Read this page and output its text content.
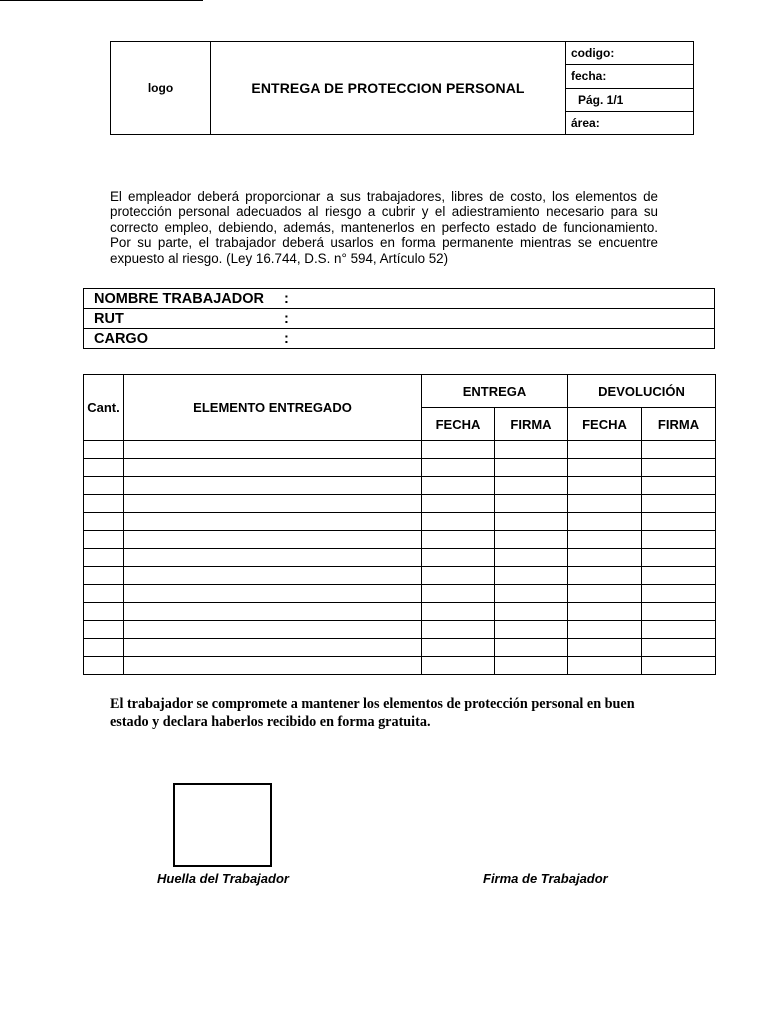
logo	ENTREGA DE PROTECCION PERSONAL	codigo:
fecha:
Pág. 1/1
área:

El empleador deberá proporcionar a sus trabajadores, libres de costo, los elementos de protección personal adecuados al riesgo a cubrir y el adiestramiento necesario para su correcto empleo, debiendo, además, mantenerlos en perfecto estado de funcionamiento. Por su parte, el trabajador deberá usarlos en forma permanente mientras se encuentre expuesto al riesgo. (Ley 16.744, D.S. n° 594, Artículo 52)

NOMBRE TRABAJADOR :
RUT	:
CARGO	:
Cant.	ELEMENTO ENTREGADO	ENTREGA		DEVOLUCIÓN	
		FECHA	FIRMA	FECHA	FIRMA

El trabajador se compromete a mantener los elementos de protección personal en buen estado y declara haberlos recibido en forma gratuita.

Huella del Trabajador	Firma de Trabajador
